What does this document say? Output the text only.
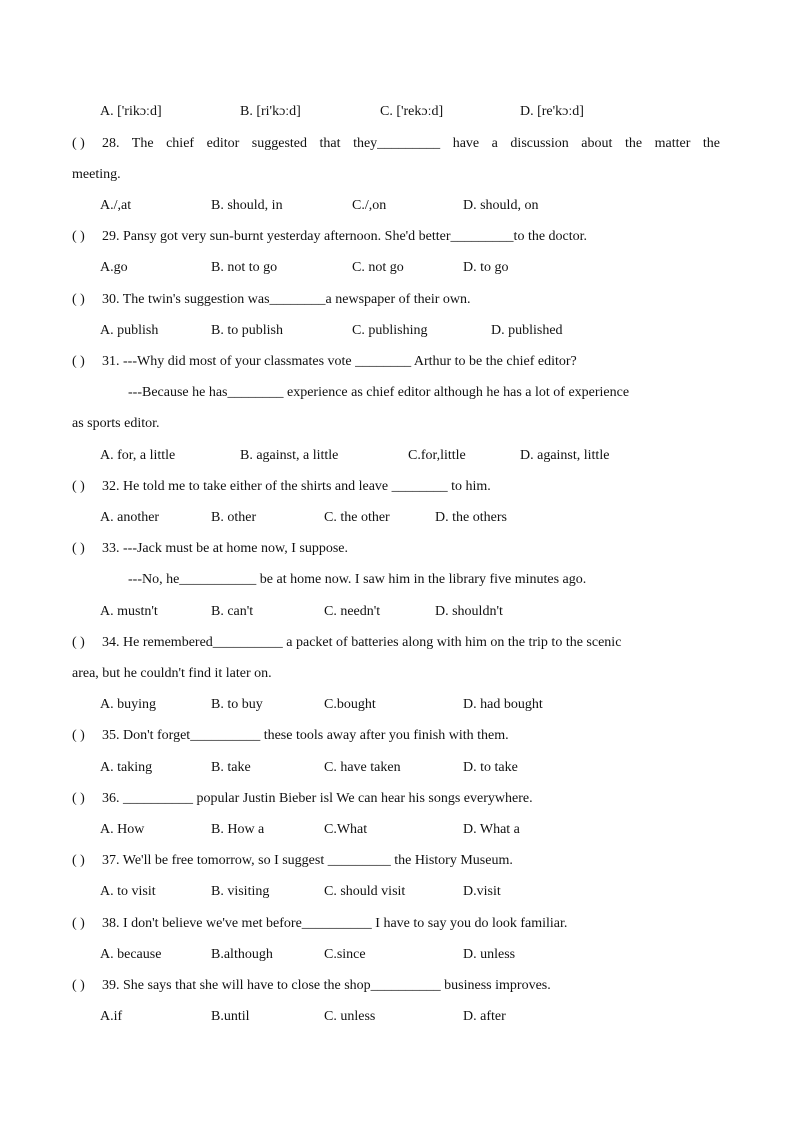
A. ['rikɔːd]	B. [ri'kɔːd]	C. ['rekɔːd]	D. [re'kɔːd]
( ) 28. The chief editor suggested that they_________ have a discussion about the matter the
meeting.
A./,at	B. should, in	C./,on	D. should, on
( ) 29. Pansy got very sun-burnt yesterday afternoon. She'd better_________to the doctor.
A.go	B. not to go	C. not go	D. to go
( ) 30. The twin's suggestion was________a newspaper of their own.
A. publish	B. to publish	C. publishing	D. published
( ) 31. ---Why did most of your classmates vote ________ Arthur to be the chief editor?
---Because he has________ experience as chief editor although he has a lot of experience
as sports editor.
A. for, a little	B. against, a little	C.for,little	D. against, little
( ) 32. He told me to take either of the shirts and leave ________ to him.
A. another	B. other	C. the other	D. the others
( ) 33. ---Jack must be at home now, I suppose.
---No, he___________ be at home now. I saw him in the library five minutes ago.
A. mustn't	B. can't	C. needn't	D. shouldn't
( ) 34. He remembered__________ a packet of batteries along with him on the trip to the scenic
area, but he couldn't find it later on.
A. buying	B. to buy	C.bought	D. had bought
( ) 35. Don't forget__________ these tools away after you finish with them.
A. taking	B. take	C. have taken	D. to take
( ) 36. __________ popular Justin Bieber isl We can hear his songs everywhere.
A. How	B. How a	C.What	D. What a
( ) 37. We'll be free tomorrow, so I suggest _________ the History Museum.
A. to visit	B. visiting	C. should visit	D.visit
( ) 38. I don't believe we've met before__________ I have to say you do look familiar.
A. because	B.although	C.since	D. unless
( ) 39. She says that she will have to close the shop__________ business improves.
A.if	B.until	C. unless	D. after
